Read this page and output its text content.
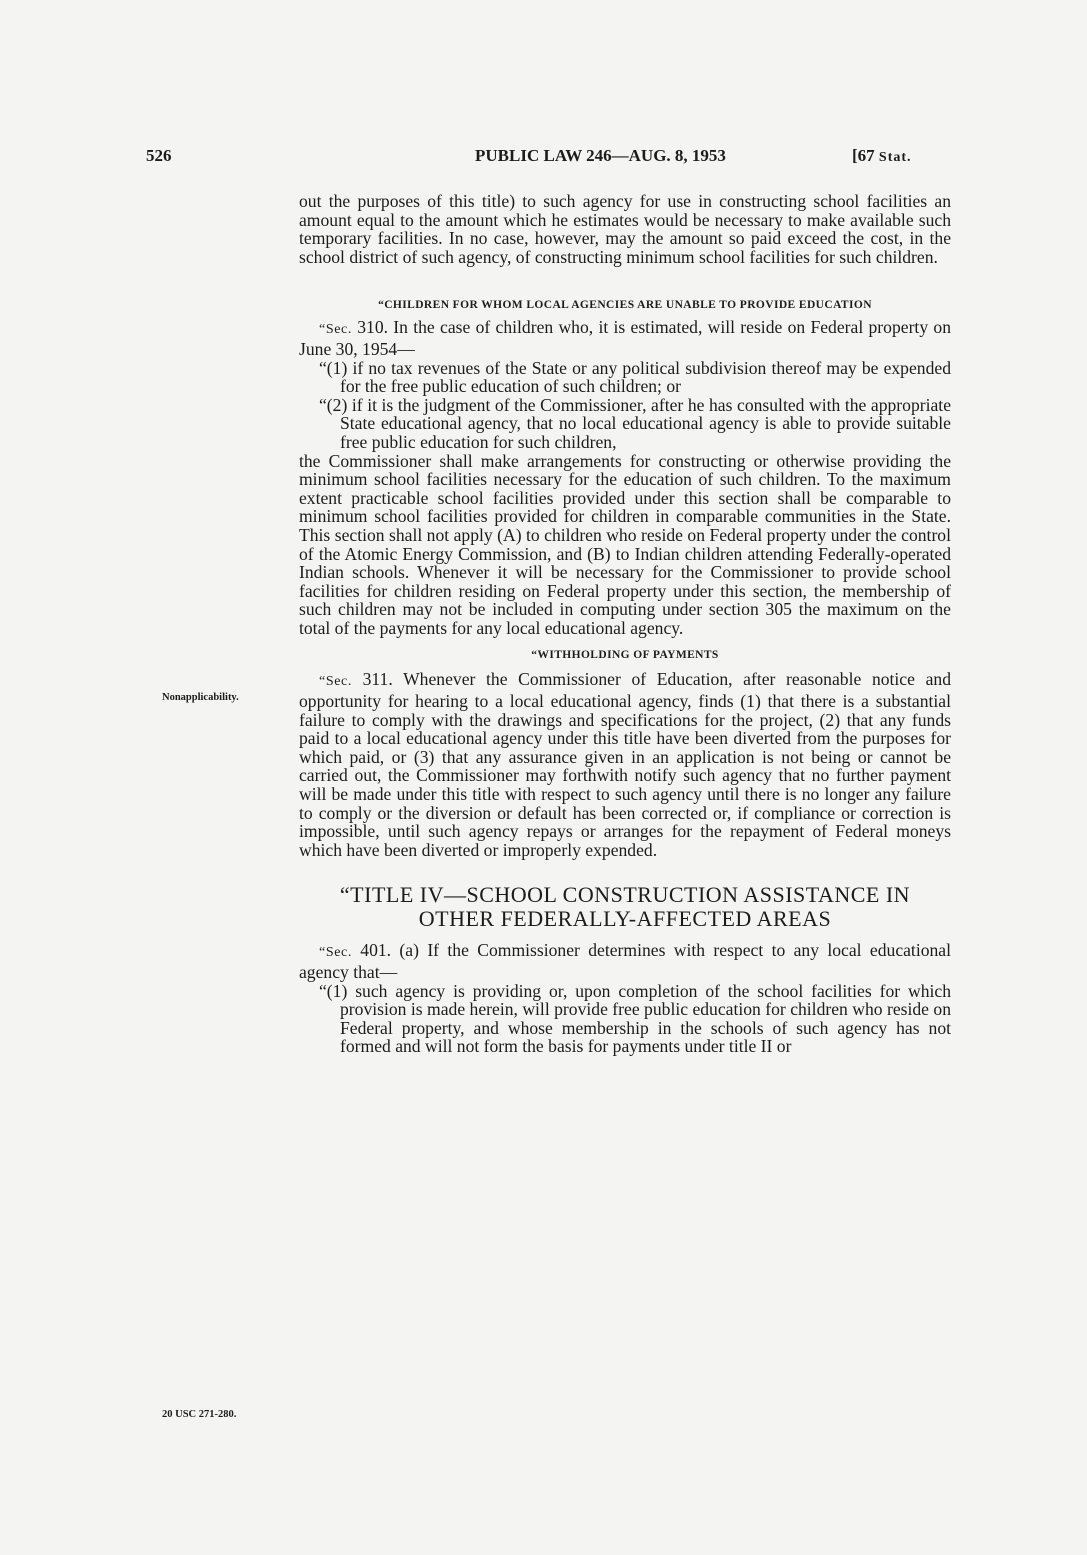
526	PUBLIC LAW 246—AUG. 8, 1953	[67 Stat.
Nonapplicability.
20 USC 271-280.

out the purposes of this title) to such agency for use in constructing school facilities an amount equal to the amount which he estimates would be necessary to make available such temporary facilities. In no case, however, may the amount so paid exceed the cost, in the school district of such agency, of constructing minimum school facilities for such children.

“CHILDREN FOR WHOM LOCAL AGENCIES ARE UNABLE TO PROVIDE EDUCATION

“Sec. 310. In the case of children who, it is estimated, will reside on Federal property on June 30, 1954—

“(1) if no tax revenues of the State or any political subdivision thereof may be expended for the free public education of such children; or

“(2) if it is the judgment of the Commissioner, after he has consulted with the appropriate State educational agency, that no local educational agency is able to provide suitable free public education for such children,

the Commissioner shall make arrangements for constructing or otherwise providing the minimum school facilities necessary for the education of such children. To the maximum extent practicable school facilities provided under this section shall be comparable to minimum school facilities provided for children in comparable communities in the State. This section shall not apply (A) to children who reside on Federal property under the control of the Atomic Energy Commission, and (B) to Indian children attending Federally-operated Indian schools. Whenever it will be necessary for the Commissioner to provide school facilities for children residing on Federal property under this section, the membership of such children may not be included in computing under section 305 the maximum on the total of the payments for any local educational agency.

“WITHHOLDING OF PAYMENTS

“Sec. 311. Whenever the Commissioner of Education, after reasonable notice and opportunity for hearing to a local educational agency, finds (1) that there is a substantial failure to comply with the drawings and specifications for the project, (2) that any funds paid to a local educational agency under this title have been diverted from the purposes for which paid, or (3) that any assurance given in an application is not being or cannot be carried out, the Commissioner may forthwith notify such agency that no further payment will be made under this title with respect to such agency until there is no longer any failure to comply or the diversion or default has been corrected or, if compliance or correction is impossible, until such agency repays or arranges for the repayment of Federal moneys which have been diverted or improperly expended.

“TITLE IV—SCHOOL CONSTRUCTION ASSISTANCE IN
OTHER FEDERALLY-AFFECTED AREAS

“Sec. 401. (a) If the Commissioner determines with respect to any local educational agency that—

“(1) such agency is providing or, upon completion of the school facilities for which provision is made herein, will provide free public education for children who reside on Federal property, and whose membership in the schools of such agency has not formed and will not form the basis for payments under title II or
